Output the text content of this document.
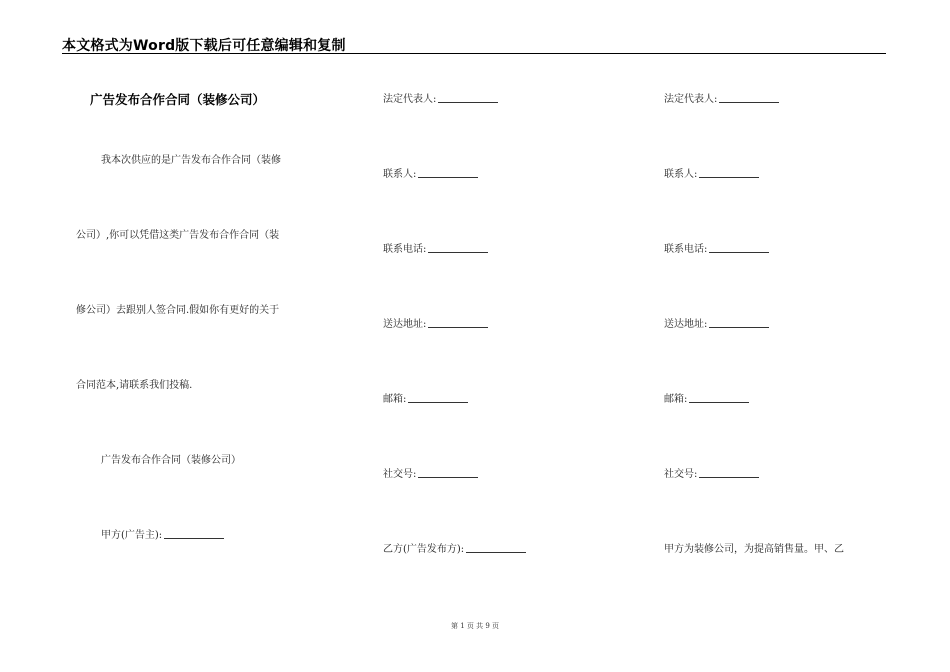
本文格式为Word版下载后可任意编辑和复制
广告发布合作合同（装修公司）
我本次供应的是广告发布合作合同（装修
公司）,你可以凭借这类广告发布合作合同（装
修公司）去跟别人签合同.假如你有更好的关于
合同范本,请联系我们投稿.
广告发布合作合同（装修公司）
甲方(广告主):
法定代表人:
联系人:
联系电话:
送达地址:
邮箱:
社交号:
乙方(广告发布方):
法定代表人:
联系人:
联系电话:
送达地址:
邮箱:
社交号:
甲方为装修公司，为提高销售量。甲、乙
第 1 页 共 9 页
